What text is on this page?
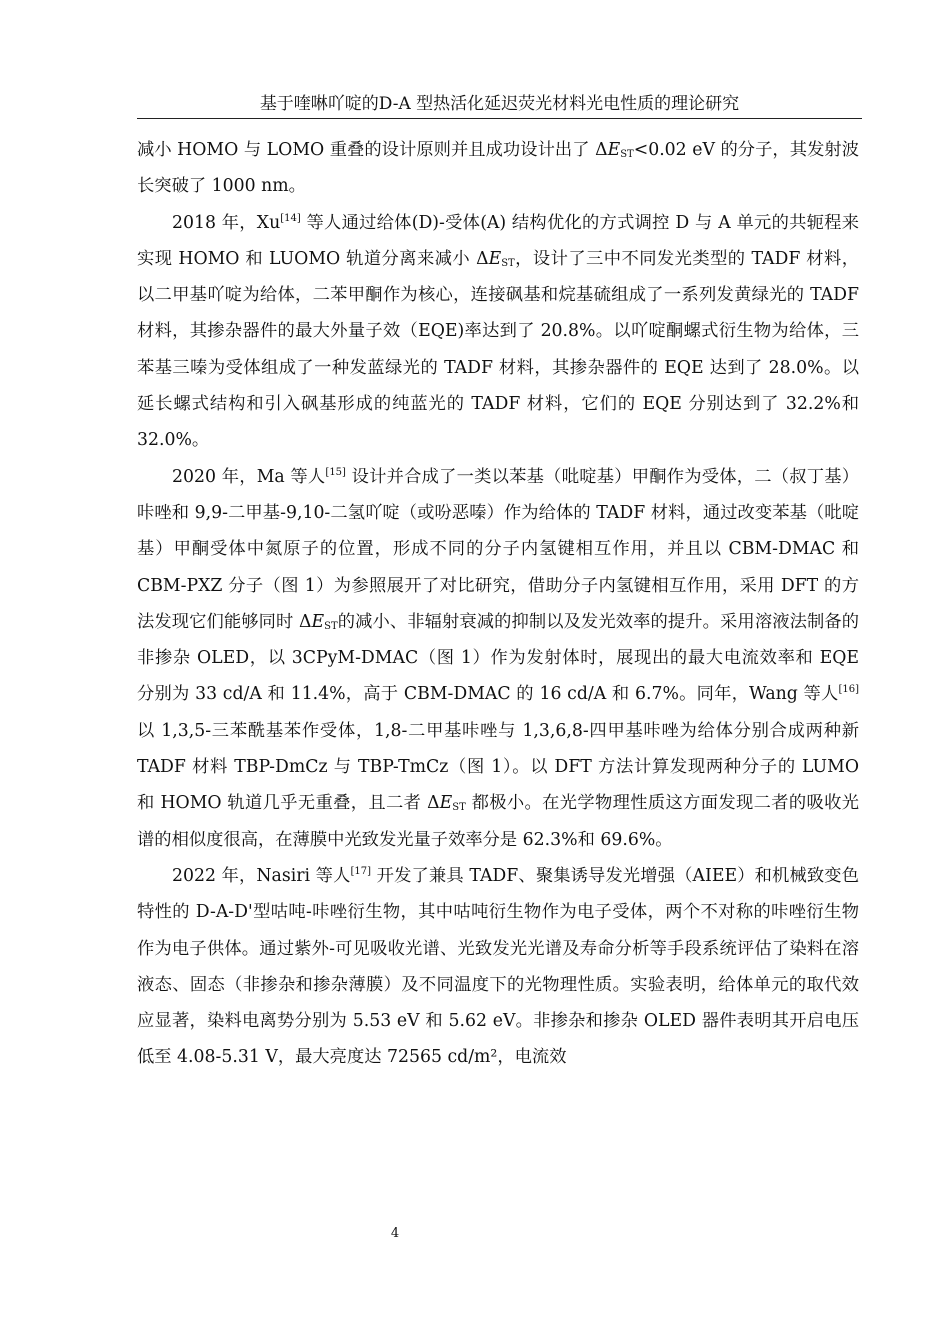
基于喹啉吖啶的D-A 型热活化延迟荧光材料光电性质的理论研究

减小 HOMO 与 LOMO 重叠的设计原则并且成功设计出了 $\Delta E_{ST}<0.02$ eV 的分子，其发射波长突破了 1000 nm。

2018 年，Xu[14] 等人通过给体(D)-受体(A) 结构优化的方式调控 D 与 A 单元的共轭程来实现 HOMO 和 LUOMO 轨道分离来减小 $\Delta E_{ST}$，设计了三中不同发光类型的 TADF 材料，以二甲基吖啶为给体，二苯甲酮作为核心，连接砜基和烷基硫组成了一系列发黄绿光的 TADF 材料，其掺杂器件的最大外量子效（EQE)率达到了 20.8%。以吖啶酮螺式衍生物为给体，三苯基三嗪为受体组成了一种发蓝绿光的 TADF 材料，其掺杂器件的 EQE 达到了 28.0%。以延长螺式结构和引入砜基形成的纯蓝光的 TADF 材料，它们的 EQE 分别达到了 32.2%和 32.0%。

2020 年，Ma 等人[15] 设计并合成了一类以苯基（吡啶基）甲酮作为受体，二（叔丁基）咔唑和 9,9-二甲基-9,10-二氢吖啶（或吩恶嗪）作为给体的 TADF 材料，通过改变苯基（吡啶基）甲酮受体中氮原子的位置，形成不同的分子内氢键相互作用，并且以 CBM-DMAC 和 CBM-PXZ 分子（图 1）为参照展开了对比研究，借助分子内氢键相互作用，采用 DFT 的方法发现它们能够同时 $\Delta E_{ST}$的减小、非辐射衰减的抑制以及发光效率的提升。采用溶液法制备的非掺杂 OLED，以 3CPyM-DMAC（图 1）作为发射体时，展现出的最大电流效率和 EQE 分别为 33 cd/A 和 11.4%，高于 CBM-DMAC 的 16 cd/A 和 6.7%。同年，Wang 等人[16] 以 1,3,5-三苯酰基苯作受体，1,8-二甲基咔唑与 1,3,6,8-四甲基咔唑为给体分别合成两种新 TADF 材料 TBP-DmCz 与 TBP-TmCz（图 1）。以 DFT 方法计算发现两种分子的 LUMO 和 HOMO 轨道几乎无重叠，且二者 $\Delta E_{ST}$ 都极小。在光学物理性质这方面发现二者的吸收光谱的相似度很高，在薄膜中光致发光量子效率分是 62.3%和 69.6%。

2022 年，Nasiri 等人[17] 开发了兼具 TADF、聚集诱导发光增强（AIEE）和机械致变色特性的 D-A-D'型咕吨-咔唑衍生物，其中咕吨衍生物作为电子受体，两个不对称的咔唑衍生物作为电子供体。通过紫外-可见吸收光谱、光致发光光谱及寿命分析等手段系统评估了染料在溶液态、固态（非掺杂和掺杂薄膜）及不同温度下的光物理性质。实验表明，给体单元的取代效应显著，染料电离势分别为 5.53 eV 和 5.62 eV。非掺杂和掺杂 OLED 器件表明其开启电压低至 4.08-5.31 V，最大亮度达 72565 cd/m²，电流效

4
